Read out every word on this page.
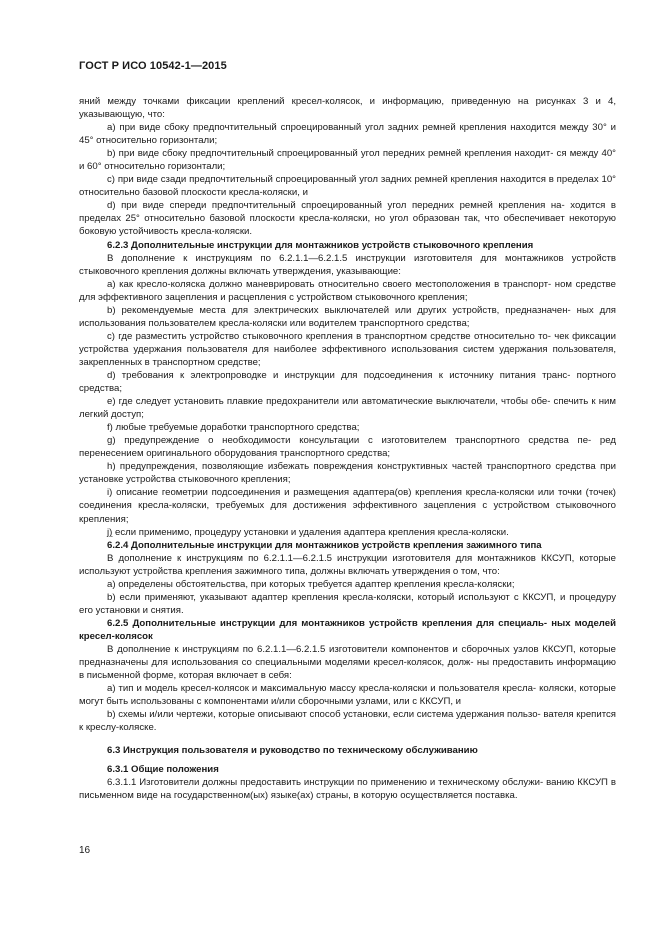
ГОСТ Р ИСО 10542-1—2015

яний между точками фиксации креплений кресел-колясок, и информацию, приведенную на рисунках 3 и 4, указывающую, что:

а) при виде сбоку предпочтительный спроецированный угол задних ремней крепления находится между 30° и 45° относительно горизонтали;

b) при виде сбоку предпочтительный спроецированный угол передних ремней крепления находит- ся между 40° и 60° относительно горизонтали;

c) при виде сзади предпочтительный спроецированный угол задних ремней крепления находится в пределах 10° относительно базовой плоскости кресла-коляски, и

d) при виде спереди предпочтительный спроецированный угол передних ремней крепления на- ходится в пределах 25° относительно базовой плоскости кресла-коляски, но угол образован так, что обеспечивает некоторую боковую устойчивость кресла-коляски.

6.2.3 Дополнительные инструкции для монтажников устройств стыковочного крепления

В дополнение к инструкциям по 6.2.1.1—6.2.1.5 инструкции изготовителя для монтажников устройств стыковочного крепления должны включать утверждения, указывающие:

а) как кресло-коляска должно маневрировать относительно своего местоположения в транспорт- ном средстве для эффективного зацепления и расцепления с устройством стыковочного крепления;

b) рекомендуемые места для электрических выключателей или других устройств, предназначен- ных для использования пользователем кресла-коляски или водителем транспортного средства;

c) где разместить устройство стыковочного крепления в транспортном средстве относительно то- чек фиксации устройства удержания пользователя для наиболее эффективного использования систем удержания пользователя, закрепленных в транспортном средстве;

d) требования к электропроводке и инструкции для подсоединения к источнику питания транс- портного средства;

e) где следует установить плавкие предохранители или автоматические выключатели, чтобы обе- спечить к ним легкий доступ;

f) любые требуемые доработки транспортного средства;

g) предупреждение о необходимости консультации с изготовителем транспортного средства пе- ред перенесением оригинального оборудования транспортного средства;

h) предупреждения, позволяющие избежать повреждения конструктивных частей транспортного средства при установке устройства стыковочного крепления;

i) описание геометрии подсоединения и размещения адаптера(ов) крепления кресла-коляски или точки (точек) соединения кресла-коляски, требуемых для достижения эффективного зацепления с устройством стыковочного крепления;

j) если применимо, процедуру установки и удаления адаптера крепления кресла-коляски.

6.2.4 Дополнительные инструкции для монтажников устройств крепления зажимного типа

В дополнение к инструкциям по 6.2.1.1—6.2.1.5 инструкции изготовителя для монтажников ККСУП, которые используют устройства крепления зажимного типа, должны включать утверждения о том, что:

а) определены обстоятельства, при которых требуется адаптер крепления кресла-коляски;

b) если применяют, указывают адаптер крепления кресла-коляски, который используют с ККСУП, и процедуру его установки и снятия.

6.2.5 Дополнительные инструкции для монтажников устройств крепления для специаль- ных моделей кресел-колясок

В дополнение к инструкциям по 6.2.1.1—6.2.1.5 изготовители компонентов и сборочных узлов ККСУП, которые предназначены для использования со специальными моделями кресел-колясок, долж- ны предоставить информацию в письменной форме, которая включает в себя:

а) тип и модель кресел-колясок и максимальную массу кресла-коляски и пользователя кресла- коляски, которые могут быть использованы с компонентами и/или сборочными узлами, или с ККСУП, и

b) схемы и/или чертежи, которые описывают способ установки, если система удержания пользо- вателя крепится к креслу-коляске.

6.3 Инструкция пользователя и руководство по техническому обслуживанию

6.3.1 Общие положения

6.3.1.1 Изготовители должны предоставить инструкции по применению и техническому обслужи- ванию ККСУП в письменном виде на государственном(ых) языке(ах) страны, в которую осуществляется поставка.

16
